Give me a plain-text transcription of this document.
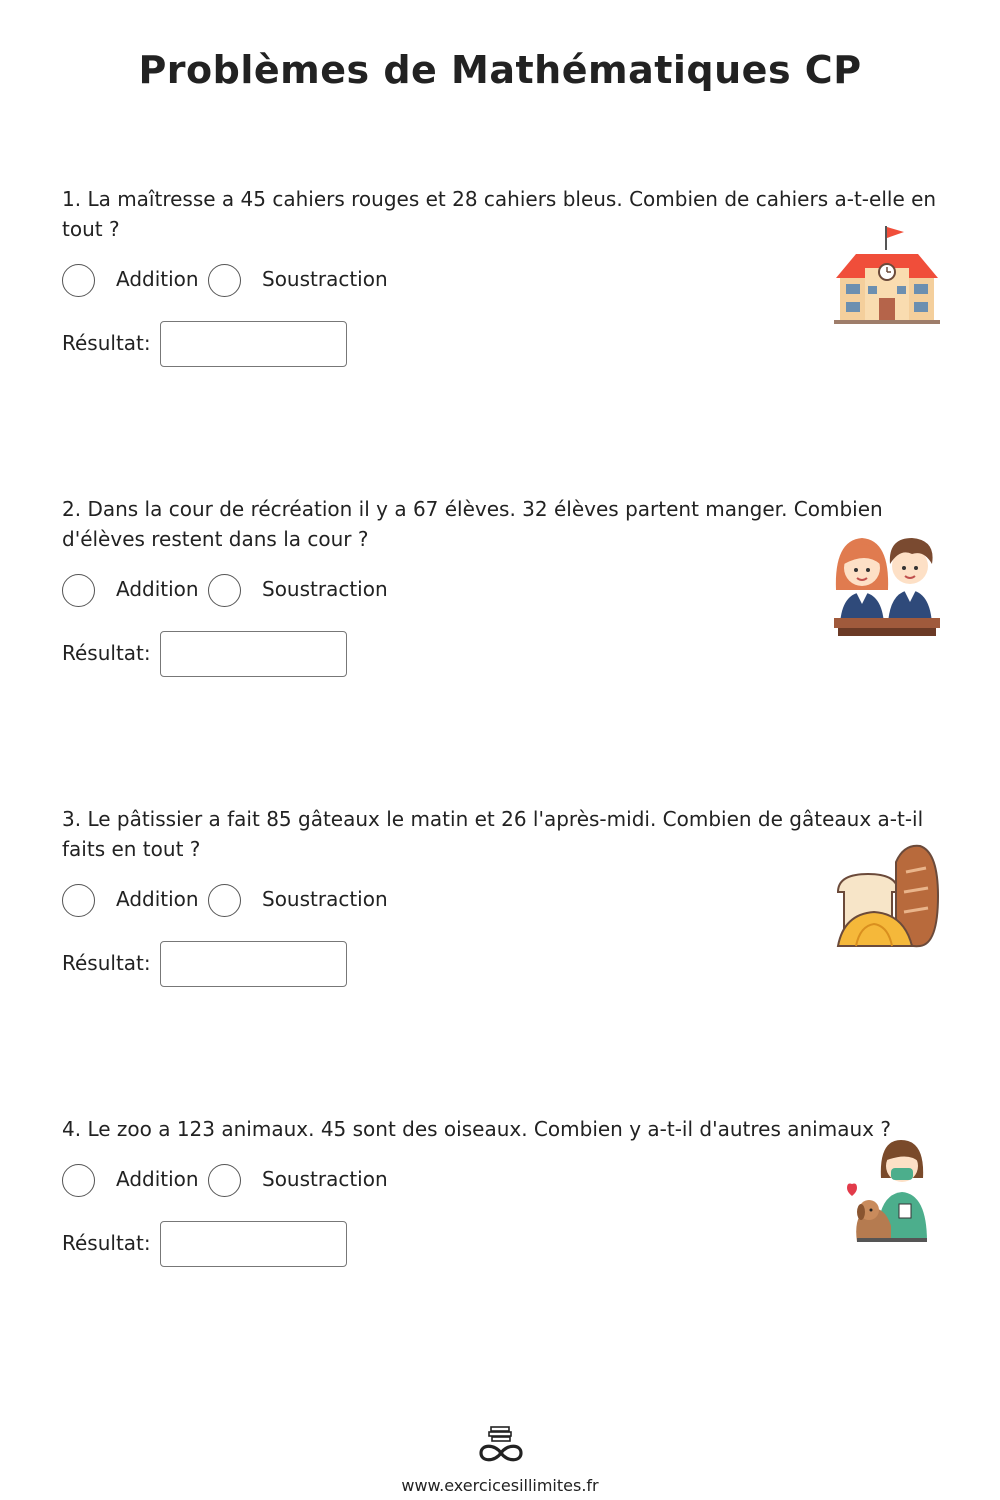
Problèmes de Mathématiques CP
1. La maîtresse a 45 cahiers rouges et 28 cahiers bleus. Combien de cahiers a-t-elle en tout ?
Addition	Soustraction
Résultat:
2. Dans la cour de récréation il y a 67 élèves. 32 élèves partent manger. Combien d'élèves restent dans la cour ?
Addition	Soustraction
Résultat:
3. Le pâtissier a fait 85 gâteaux le matin et 26 l'après-midi. Combien de gâteaux a-t-il faits en tout ?
Addition	Soustraction
Résultat:
4. Le zoo a 123 animaux. 45 sont des oiseaux. Combien y a-t-il d'autres animaux ?
Addition	Soustraction
Résultat:
www.exercicesillimites.fr
